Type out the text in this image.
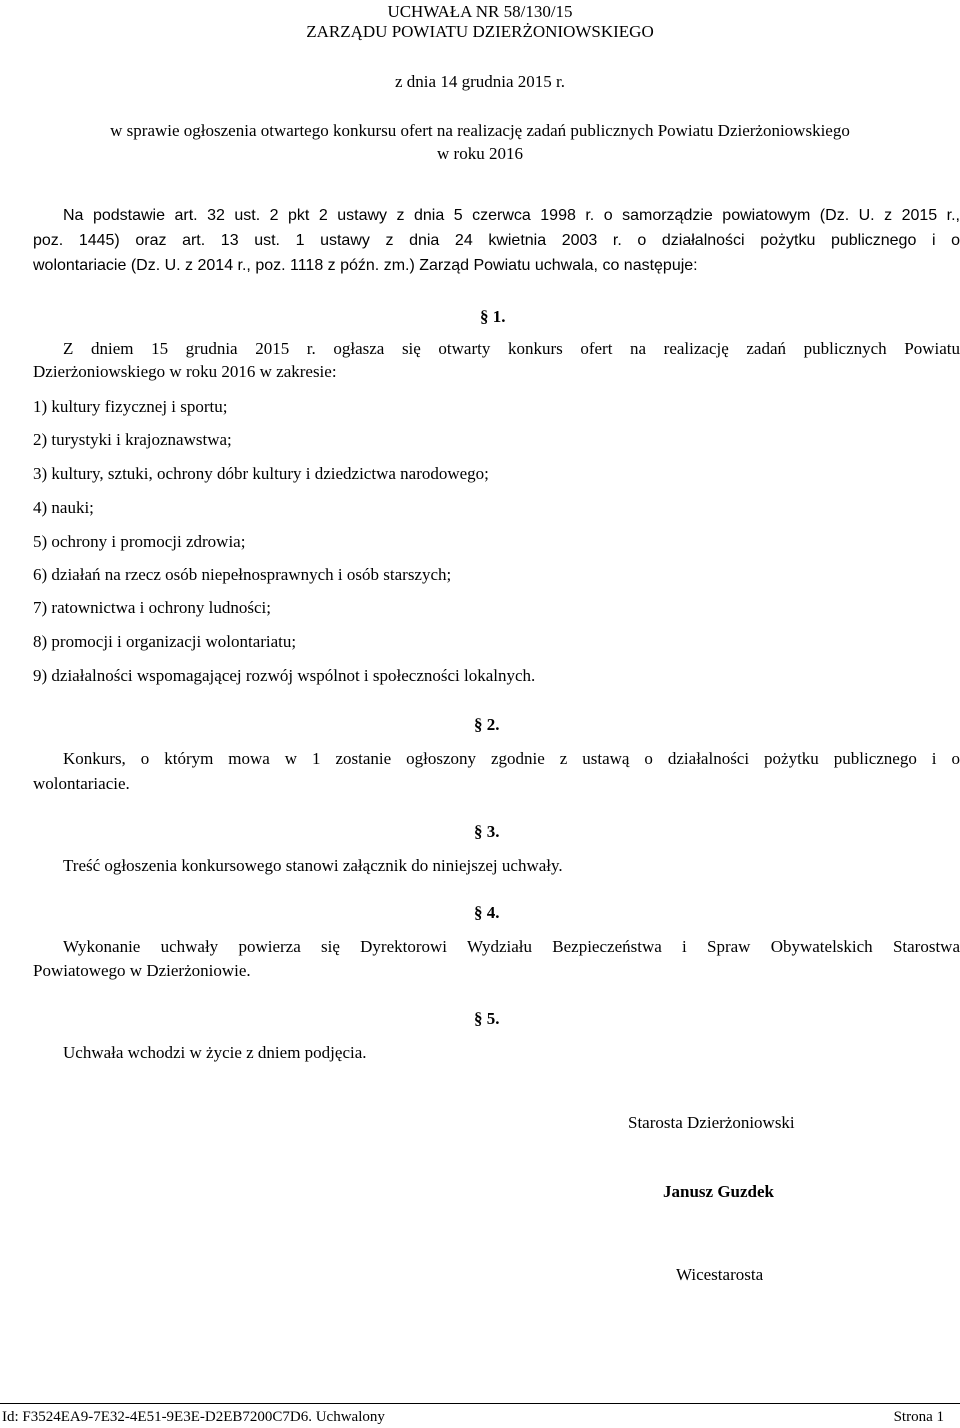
UCHWAŁA NR 58/130/15
ZARZĄDU POWIATU DZIERŻONIOWSKIEGO
z dnia 14 grudnia 2015 r.
w sprawie ogłoszenia otwartego konkursu ofert na realizację zadań publicznych Powiatu Dzierżoniowskiego
w roku 2016
Na podstawie art. 32 ust. 2 pkt 2 ustawy z dnia 5 czerwca 1998 r. o samorządzie powiatowym (Dz. U. z 2015 r.,
poz. 1445) oraz art. 13 ust. 1 ustawy z dnia 24 kwietnia 2003 r. o działalności pożytku publicznego i o
wolontariacie (Dz. U. z 2014 r., poz. 1118 z późn. zm.) Zarząd Powiatu uchwala, co następuje:
§ 1.
Z dniem 15 grudnia 2015 r. ogłasza się otwarty konkurs ofert na realizację zadań publicznych Powiatu
Dzierżoniowskiego w roku 2016 w zakresie:
1) kultury fizycznej i sportu;
2) turystyki i krajoznawstwa;
3) kultury, sztuki, ochrony dóbr kultury i dziedzictwa narodowego;
4) nauki;
5) ochrony i promocji zdrowia;
6) działań na rzecz osób niepełnosprawnych i osób starszych;
7) ratownictwa i ochrony ludności;
8) promocji i organizacji wolontariatu;
9) działalności wspomagającej rozwój wspólnot i społeczności lokalnych.
§ 2.
Konkurs, o którym mowa w 1 zostanie ogłoszony zgodnie z ustawą o działalności pożytku publicznego i o
wolontariacie.
§ 3.
Treść ogłoszenia konkursowego stanowi załącznik do niniejszej uchwały.
§ 4.
Wykonanie uchwały powierza się Dyrektorowi Wydziału Bezpieczeństwa i Spraw Obywatelskich Starostwa
Powiatowego w Dzierżoniowie.
§ 5.
Uchwała wchodzi w życie z dniem podjęcia.
Starosta Dzierżoniowski
Janusz Guzdek
Wicestarosta
Id: F3524EA9-7E32-4E51-9E3E-D2EB7200C7D6. Uchwalony	Strona 1
